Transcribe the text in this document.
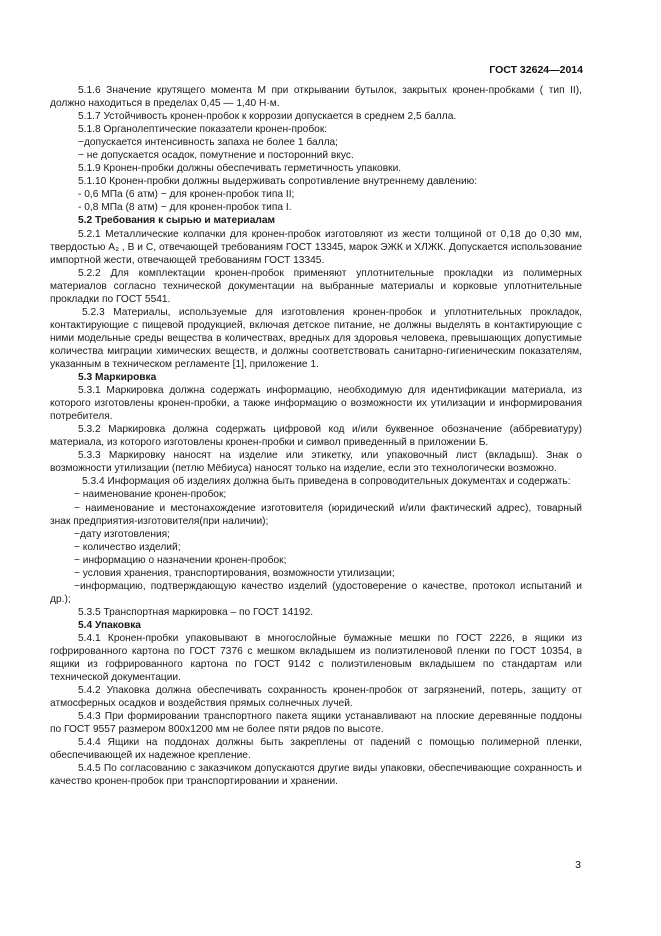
ГОСТ 32624—2014

5.1.6 Значение крутящего момента М при открывании бутылок, закрытых кронен-пробками ( тип II), должно находиться в пределах 0,45 — 1,40 Н·м.

5.1.7 Устойчивость кронен-пробок к коррозии допускается в среднем 2,5 балла.

5.1.8 Органолептические показатели кронен-пробок:

−допускается интенсивность запаха не более 1 балла;

− не допускается осадок, помутнение и посторонний вкус.

5.1.9 Кронен-пробки должны обеспечивать герметичность упаковки.

5.1.10 Кронен-пробки должны выдерживать сопротивление внутреннему давлению:

- 0,6 МПа (6 атм) − для кронен-пробок типа II;

- 0,8 МПа (8 атм) − для кронен-пробок типа I.

5.2 Требования к сырью и материалам

5.2.1 Металлические колпачки для кронен-пробок изготовляют из жести толщиной от 0,18 до 0,30 мм, твердостью А₂ , В и С, отвечающей требованиям ГОСТ 13345, марок ЭЖК и ХЛЖК. Допускается использование импортной жести, отвечающей требованиям ГОСТ 13345.

5.2.2 Для комплектации кронен-пробок применяют уплотнительные прокладки из полимерных материалов согласно технической документации на выбранные материалы и корковые уплотнительные прокладки по ГОСТ 5541.

5.2.3 Материалы, используемые для изготовления кронен-пробок и уплотнительных прокладок, контактирующие с пищевой продукцией, включая детское питание, не должны выделять в контактирующие с ними модельные среды вещества в количествах, вредных для здоровья человека, превышающих допустимые количества миграции химических веществ, и должны соответствовать санитарно-гигиеническим показателям, указанным в техническом регламенте [1], приложение 1.

5.3 Маркировка

5.3.1 Маркировка должна содержать информацию, необходимую для идентификации материала, из которого изготовлены кронен-пробки, а также информацию о возможности их утилизации и информирования потребителя.

5.3.2 Маркировка должна содержать цифровой код и/или буквенное обозначение (аббревиатуру) материала, из которого изготовлены кронен-пробки и символ приведенный в приложении Б.

5.3.3 Маркировку наносят на изделие или этикетку, или упаковочный лист (вкладыш). Знак о возможности утилизации (петлю Мёбиуса) наносят только на изделие, если это технологически возможно.

5.3.4 Информация об изделиях должна быть приведена в сопроводительных документах и содержать:

− наименование кронен-пробок;

− наименование и местонахождение изготовителя (юридический и/или фактический адрес), товарный знак предприятия-изготовителя(при наличии);

−дату изготовления;

− количество изделий;

− информацию о назначении кронен-пробок;

− условия хранения, транспортирования, возможности утилизации;

−информацию, подтверждающую качество изделий (удостоверение о качестве, протокол испытаний и др.);

5.3.5 Транспортная маркировка – по ГОСТ 14192.

5.4 Упаковка

5.4.1 Кронен-пробки упаковывают в многослойные бумажные мешки по ГОСТ 2226, в ящики из гофрированного картона по ГОСТ 7376 с мешком вкладышем из полиэтиленовой пленки по ГОСТ 10354, в ящики из гофрированного картона по ГОСТ 9142 с полиэтиленовым вкладышем по стандартам или технической документации.

5.4.2 Упаковка должна обеспечивать сохранность кронен-пробок от загрязнений, потерь, защиту от атмосферных осадков и воздействия прямых солнечных лучей.

5.4.3 При формировании транспортного пакета ящики устанавливают на плоские деревянные поддоны по ГОСТ 9557 размером 800х1200 мм не более пяти рядов по высоте.

5.4.4 Ящики на поддонах должны быть закреплены от падений с помощью полимерной пленки, обеспечивающей их надежное крепление.

5.4.5 По согласованию с заказчиком допускаются другие виды упаковки, обеспечивающие сохранность и качество кронен-пробок при транспортировании и хранении.

3
